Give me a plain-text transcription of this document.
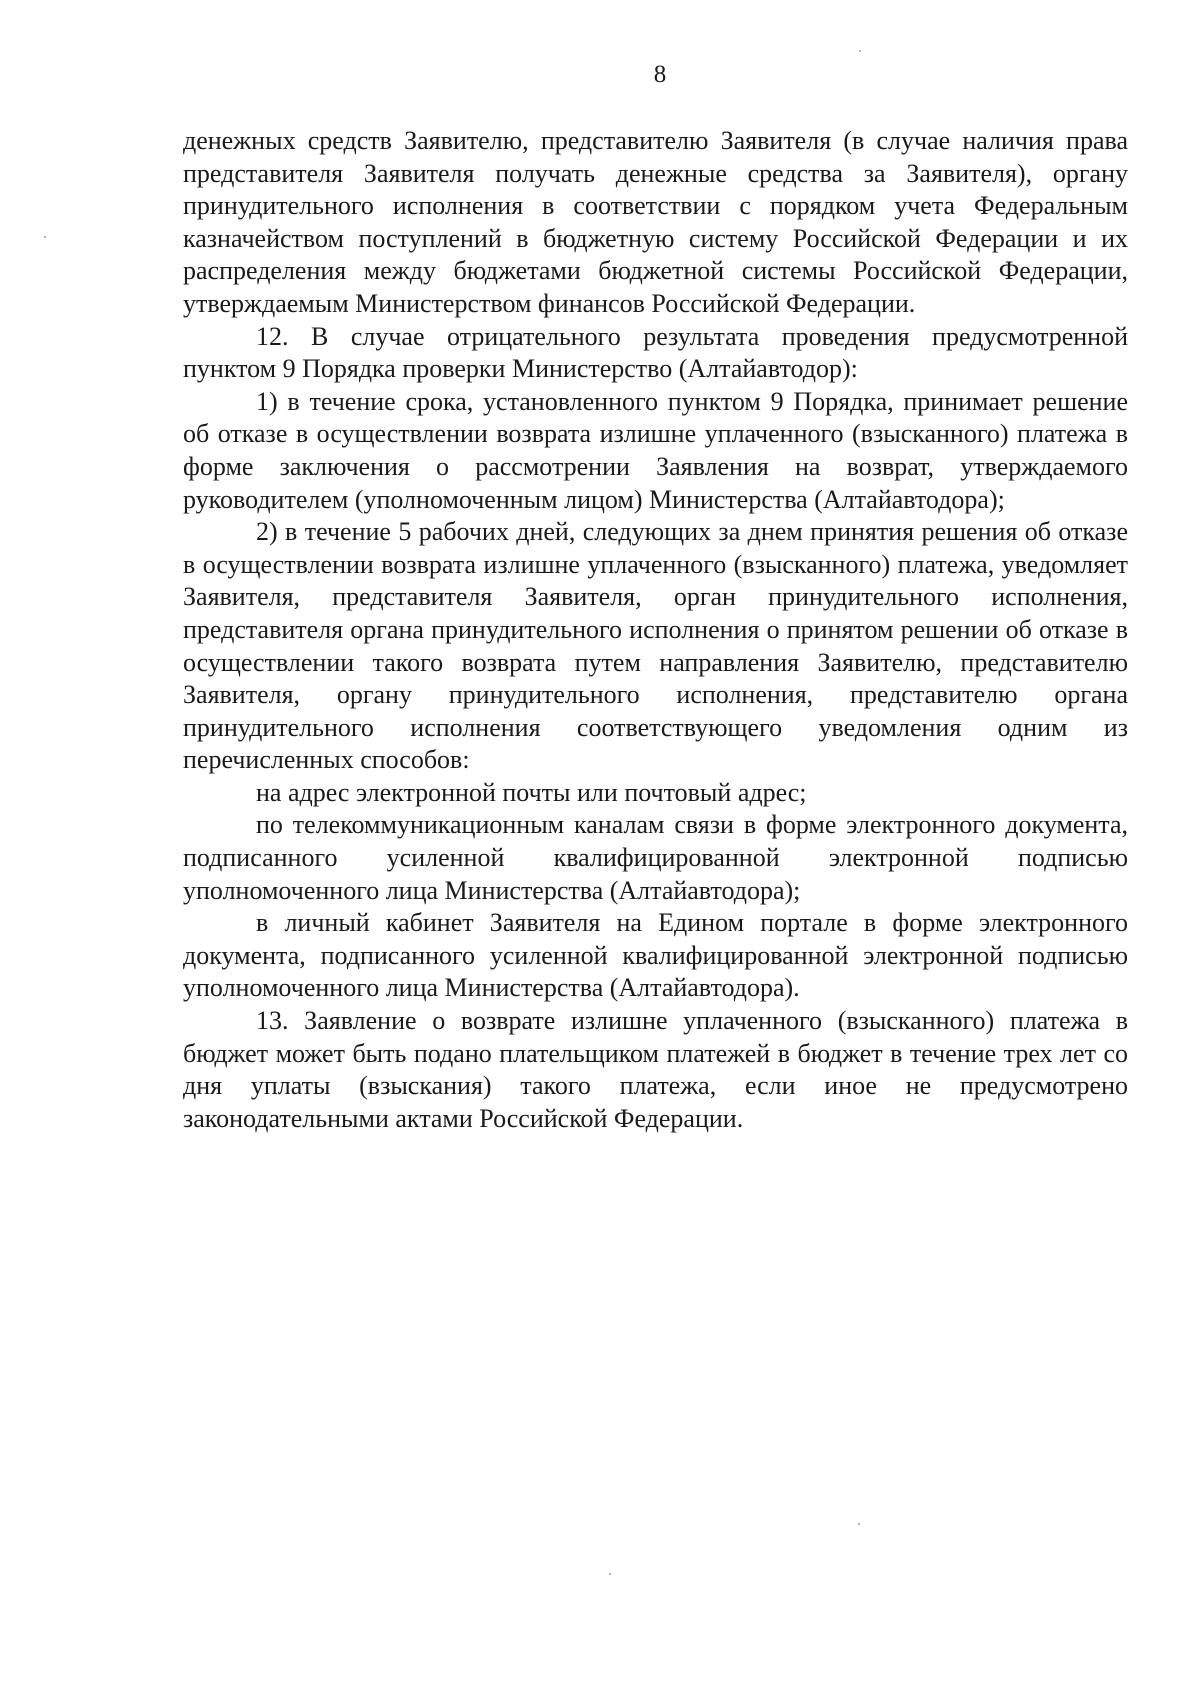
8

денежных средств Заявителю, представителю Заявителя (в случае наличия права представителя Заявителя получать денежные средства за Заявителя), органу принудительного исполнения в соответствии с порядком учета Федеральным казначейством поступлений в бюджетную систему Российской Федерации и их распределения между бюджетами бюджетной системы Российской Федерации, утверждаемым Министерством финансов Российской Федерации.

12. В случае отрицательного результата проведения предусмотренной пунктом 9 Порядка проверки Министерство (Алтайавтодор):

1) в течение срока, установленного пунктом 9 Порядка, принимает решение об отказе в осуществлении возврата излишне уплаченного (взысканного) платежа в форме заключения о рассмотрении Заявления на возврат, утверждаемого руководителем (уполномоченным лицом) Министерства (Алтайавтодора);

2) в течение 5 рабочих дней, следующих за днем принятия решения об отказе в осуществлении возврата излишне уплаченного (взысканного) платежа, уведомляет Заявителя, представителя Заявителя, орган принудительного исполнения, представителя органа принудительного исполнения о принятом решении об отказе в осуществлении такого возврата путем направления Заявителю, представителю Заявителя, органу принудительного исполнения, представителю органа принудительного исполнения соответствующего уведомления одним из перечисленных способов:

на адрес электронной почты или почтовый адрес;

по телекоммуникационным каналам связи в форме электронного документа, подписанного усиленной квалифицированной электронной подписью уполномоченного лица Министерства (Алтайавтодора);

в личный кабинет Заявителя на Едином портале в форме электронного документа, подписанного усиленной квалифицированной электронной подписью уполномоченного лица Министерства (Алтайавтодора).

13. Заявление о возврате излишне уплаченного (взысканного) платежа в бюджет может быть подано плательщиком платежей в бюджет в течение трех лет со дня уплаты (взыскания) такого платежа, если иное не предусмотрено законодательными актами Российской Федерации.
